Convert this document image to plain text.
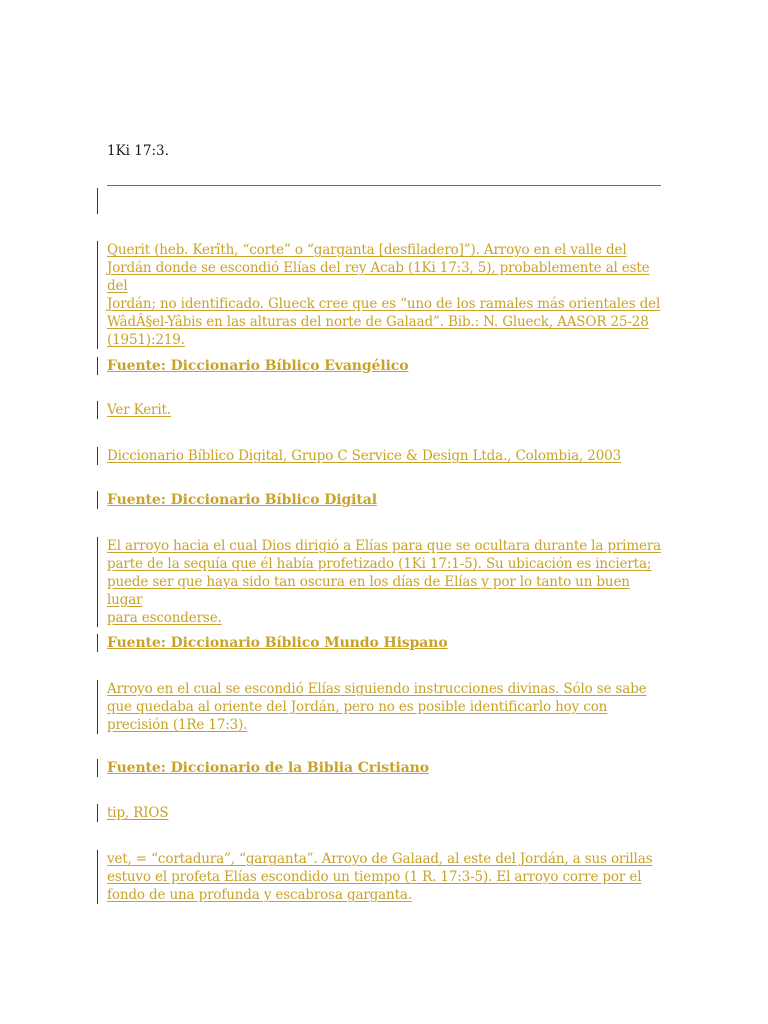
1Ki 17:3.
Querit (heb. Kerîth, “corte” o “garganta [desfiladero]”). Arroyo en el valle del
Jordán donde se escondió Elías del rey Acab (1Ki 17:3, 5), probablemente al este del
Jordán; no identificado. Glueck cree que es “uno de los ramales más orientales del
WâdÂ§el-Yâbis en las alturas del norte de Galaad”. Bib.: N. Glueck, AASOR 25-28
(1951):219.
Fuente: Diccionario Bíblico Evangélico
Ver Kerit.
Diccionario Bíblico Digital, Grupo C Service & Design Ltda., Colombia, 2003
Fuente: Diccionario Bíblico Digital
El arroyo hacia el cual Dios dirigió a Elías para que se ocultara durante la primera
parte de la sequía que él había profetizado (1Ki 17:1-5). Su ubicación es incierta;
puede ser que haya sido tan oscura en los días de Elías y por lo tanto un buen lugar
para esconderse.
Fuente: Diccionario Bíblico Mundo Hispano
Arroyo en el cual se escondió Elías siguiendo instrucciones divinas. Sólo se sabe
que quedaba al oriente del Jordán, pero no es posible identificarlo hoy con
precisión (1Re 17:3).
Fuente: Diccionario de la Biblia Cristiano
tip, RIOS
vet, = “cortadura”, “garganta”. Arroyo de Galaad, al este del Jordán, a sus orillas
estuvo el profeta Elías escondido un tiempo (1 R. 17:3-5). El arroyo corre por el
fondo de una profunda y escabrosa garganta.
